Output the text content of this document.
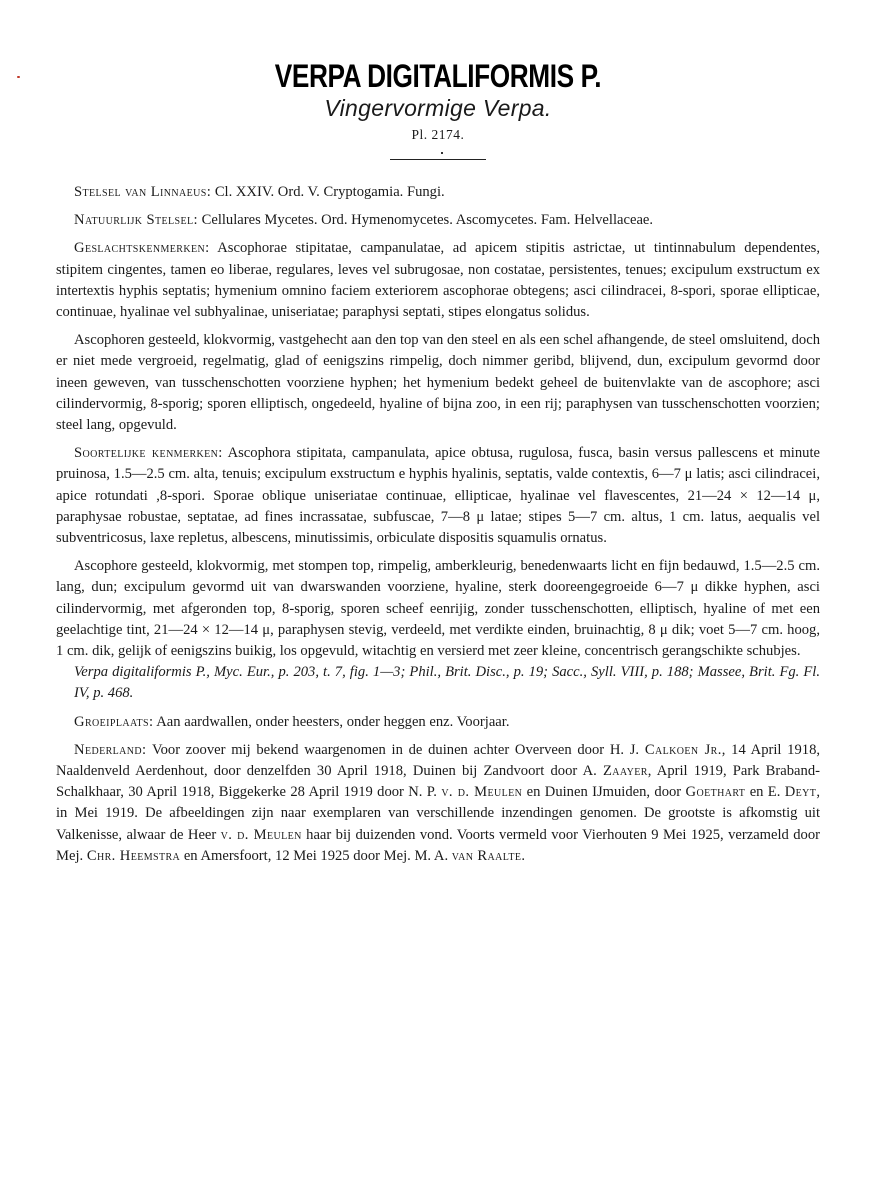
VERPA DIGITALIFORMIS P.
Vingervormige Verpa.
Pl. 2174.

Stelsel van Linnaeus: Cl. XXIV. Ord. V. Cryptogamia. Fungi.

Natuurlijk Stelsel: Cellulares Mycetes. Ord. Hymenomycetes. Ascomycetes. Fam. Helvellaceae.

Geslachtskenmerken: Ascophorae stipitatae, campanulatae, ad apicem stipitis astrictae, ut tintinnabulum dependentes, stipitem cingentes, tamen eo liberae, regulares, leves vel subrugosae, non costatae, persistentes, tenues; excipulum exstructum ex intertextis hyphis septatis; hymenium omnino faciem exteriorem ascophorae obtegens; asci cilindracei, 8-spori, sporae ellipticae, continuae, hyalinae vel subhyalinae, uniseriatae; paraphysi septati, stipes elongatus solidus.

Ascophoren gesteeld, klokvormig, vastgehecht aan den top van den steel en als een schel afhangende, de steel omsluitend, doch er niet mede vergroeid, regelmatig, glad of eenigszins rimpelig, doch nimmer geribd, blijvend, dun, excipulum gevormd door ineen geweven, van tusschenschotten voorziene hyphen; het hymenium bedekt geheel de buitenvlakte van de ascophore; asci cilindervormig, 8-sporig; sporen elliptisch, ongedeeld, hyaline of bijna zoo, in een rij; paraphysen van tusschenschotten voorzien; steel lang, opgevuld.

Soortelijke kenmerken: Ascophora stipitata, campanulata, apice obtusa, rugulosa, fusca, basin versus pallescens et minute pruinosa, 1.5—2.5 cm. alta, tenuis; excipulum exstructum e hyphis hyalinis, septatis, valde contextis, 6—7 μ latis; asci cilindracei, apice rotundati ,8-spori. Sporae oblique uniseriatae continuae, ellipticae, hyalinae vel flavescentes, 21—24 × 12—14 μ, paraphysae robustae, septatae, ad fines incrassatae, subfuscae, 7—8 μ latae; stipes 5—7 cm. altus, 1 cm. latus, aequalis vel subventricosus, laxe repletus, albescens, minutissimis, orbiculate dispositis squamulis ornatus.

Ascophore gesteeld, klokvormig, met stompen top, rimpelig, amberkleurig, benedenwaarts licht en fijn bedauwd, 1.5—2.5 cm. lang, dun; excipulum gevormd uit van dwarswanden voorziene, hyaline, sterk dooreengegroeide 6—7 μ dikke hyphen, asci cilindervormig, met afgeronden top, 8-sporig, sporen scheef eenrijig, zonder tusschenschotten, elliptisch, hyaline of met een geelachtige tint, 21—24 × 12—14 μ, paraphysen stevig, verdeeld, met verdikte einden, bruinachtig, 8 μ dik; voet 5—7 cm. hoog, 1 cm. dik, gelijk of eenigszins buikig, los opgevuld, witachtig en versierd met zeer kleine, concentrisch gerangschikte schubjes.

Verpa digitaliformis P., Myc. Eur., p. 203, t. 7, fig. 1—3; Phil., Brit. Disc., p. 19; Sacc., Syll. VIII, p. 188; Massee, Brit. Fg. Fl. IV, p. 468.

Groeiplaats: Aan aardwallen, onder heesters, onder heggen enz. Voorjaar.

Nederland: Voor zoover mij bekend waargenomen in de duinen achter Overveen door H. J. Calkoen Jr., 14 April 1918, Naaldenveld Aerdenhout, door denzelfden 30 April 1918, Duinen bij Zandvoort door A. Zaayer, April 1919, Park Braband-Schalkhaar, 30 April 1918, Biggekerke 28 April 1919 door N. P. v. d. Meulen en Duinen IJmuiden, door Goethart en E. Deyt, in Mei 1919. De afbeeldingen zijn naar exemplaren van verschillende inzendingen genomen. De grootste is afkomstig uit Valkenisse, alwaar de Heer v. d. Meulen haar bij duizenden vond. Voorts vermeld voor Vierhouten 9 Mei 1925, verzameld door Mej. Chr. Heemstra en Amersfoort, 12 Mei 1925 door Mej. M. A. van Raalte.
